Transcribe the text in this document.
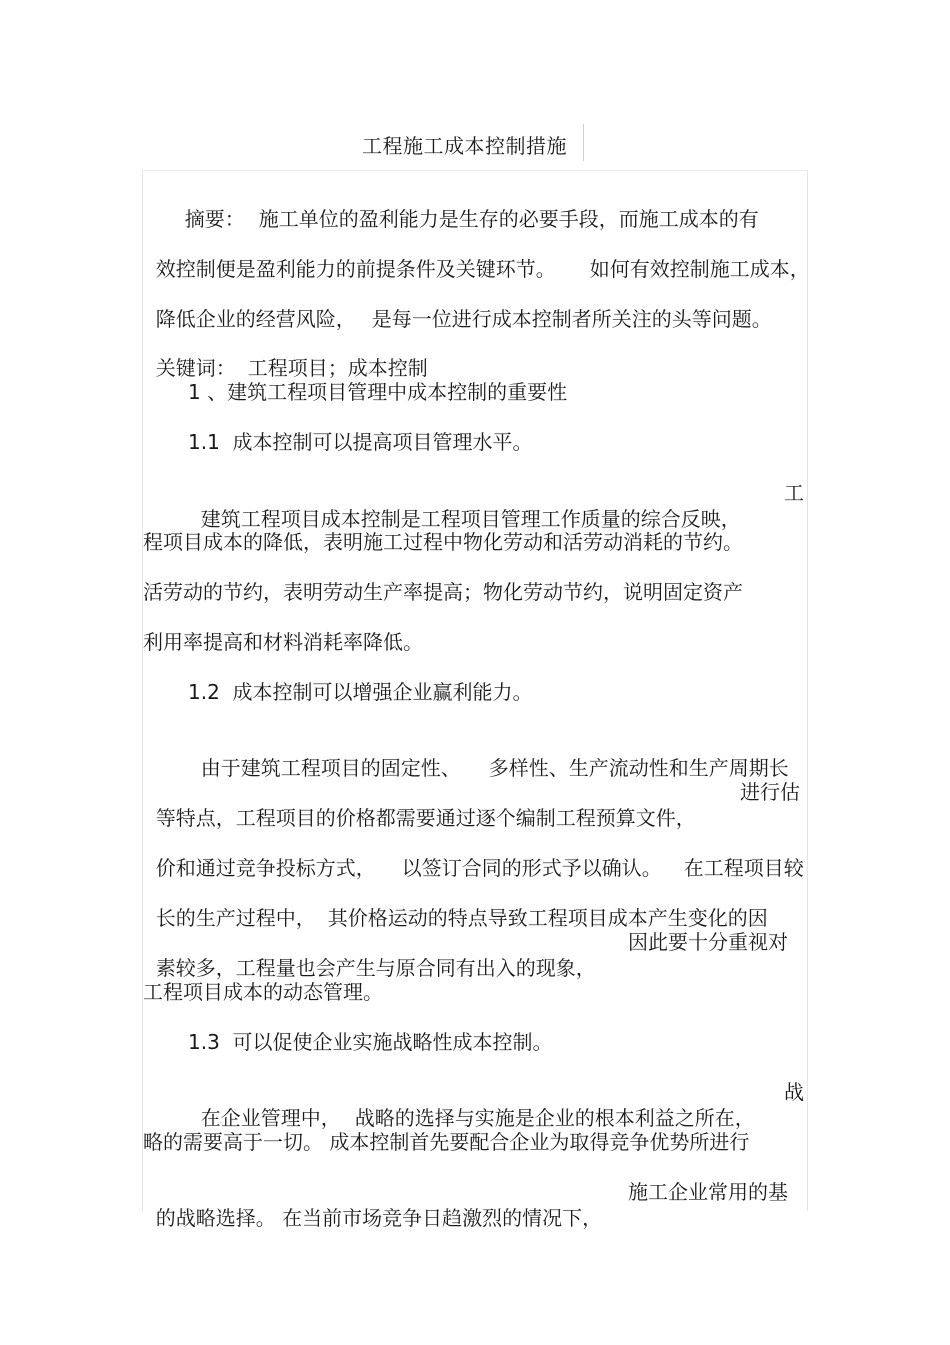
工程施工成本控制措施

摘要： 施工单位的盈利能力是生存的必要手段，而施工成本的有

效控制便是盈利能力的前提条件及关键环节。 如何有效控制施工成本，

降低企业的经营风险， 是每一位进行成本控制者所关注的头等问题。

关键词： 工程项目；成本控制

1 、建筑工程项目管理中成本控制的重要性
1.1  成本控制可以提高项目管理水平。

建筑工程项目成本控制是工程项目管理工作质量的综合反映，

工
程项目成本的降低，表明施工过程中物化劳动和活劳动消耗的节约。
活劳动的节约，表明劳动生产率提高；物化劳动节约，说明固定资产
利用率提高和材料消耗率降低。
1.2  成本控制可以增强企业赢利能力。

由于建筑工程项目的固定性、 多样性、生产流动性和生产周期长

等特点，工程项目的价格都需要通过逐个编制工程预算文件，

进行估

价和通过竞争投标方式， 以签订合同的形式予以确认。 在工程项目较

长的生产过程中， 其价格运动的特点导致工程项目成本产生变化的因

素较多，工程量也会产生与原合同有出入的现象，

因此要十分重视对
工程项目成本的动态管理。
1.3  可以促使企业实施战略性成本控制。

在企业管理中， 战略的选择与实施是企业的根本利益之所在，

战
略的需要高于一切。 成本控制首先要配合企业为取得竞争优势所进行

的战略选择。 在当前市场竞争日趋激烈的情况下，

施工企业常用的基
